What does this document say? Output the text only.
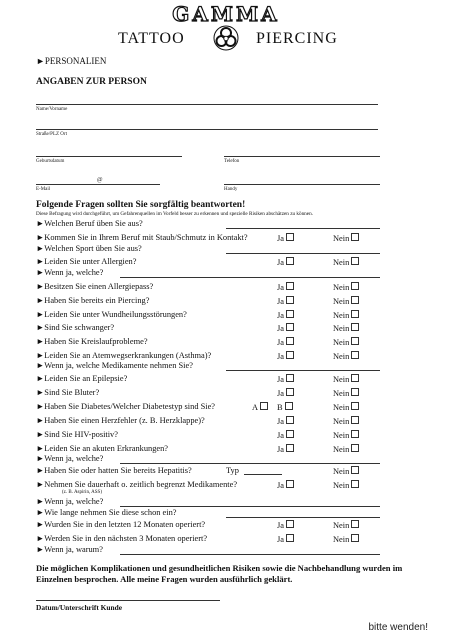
GAMMA
TATTOO	PIERCING
►PERSONALIEN
ANGABEN ZUR PERSON
Name/Vorname
Straße/PLZ Ort
Geburtsdatum	Telefon
@
E-Mail	Handy
Folgende Fragen sollten Sie sorgfältig beantworten!
Diese Befragung wird durchgeführt, um Gefahrenquellen im Vorfeld besser zu erkennen und spezielle Risiken abschätzen zu können.
►Welchen Beruf üben Sie aus?
►Kommen Sie in Ihrem Beruf mit Staub/Schmutz in Kontakt?	Ja	Nein
►Welchen Sport üben Sie aus?
►Leiden Sie unter Allergien?	Ja	Nein
►Wenn ja, welche?
►Besitzen Sie einen Allergiepass?	Ja	Nein
►Haben Sie bereits ein Piercing?	Ja	Nein
►Leiden Sie unter Wundheilungsstörungen?	Ja	Nein
►Sind Sie schwanger?	Ja	Nein
►Haben Sie Kreislaufprobleme?	Ja	Nein
►Leiden Sie an Atemwegserkrankungen (Asthma)?	Ja	Nein
►Wenn ja, welche Medikamente nehmen Sie?
►Leiden Sie an Epilepsie?	Ja	Nein
►Sind Sie Bluter?	Ja	Nein
►Haben Sie Diabetes/Welcher Diabetestyp sind Sie?	A	B	Nein
►Haben Sie einen Herzfehler (z. B. Herzklappe)?	Ja	Nein
►Sind Sie HIV-positiv?	Ja	Nein
►Leiden Sie an akuten Erkrankungen?	Ja	Nein
►Wenn ja, welche?
►Haben Sie oder hatten Sie bereits Hepatitis?	Typ	Nein
►Nehmen Sie dauerhaft o. zeitlich begrenzt Medikamente?	Ja	Nein
(z. B. Aspirin, ASS)
►Wenn ja, welche?
►Wie lange nehmen Sie diese schon ein?
►Wurden Sie in den letzten 12 Monaten operiert?	Ja	Nein
►Werden Sie in den nächsten 3 Monaten operiert?	Ja	Nein
►Wenn ja, warum?
Die möglichen Komplikationen und gesundheitlichen Risiken sowie die Nachbehandlung wurden im Einzelnen besprochen. Alle meine Fragen wurden ausführlich geklärt.
Datum/Unterschrift Kunde
bitte wenden!
